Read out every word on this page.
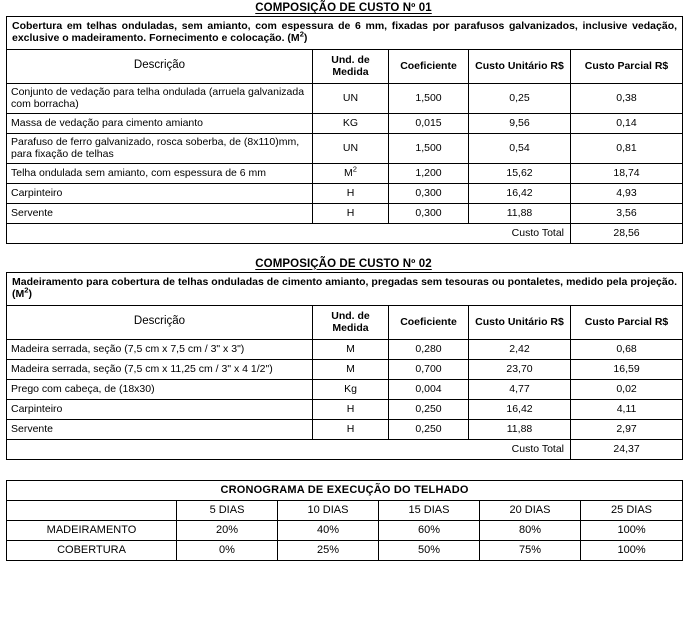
COMPOSIÇÃO DE CUSTO Nº 01
Cobertura em telhas onduladas, sem amianto, com espessura de 6 mm, fixadas por parafusos galvanizados, inclusive vedação, exclusive o madeiramento. Fornecimento e colocação. $(M^2)$				
Descrição	Und. de Medida	Coeficiente	Custo Unitário R$	Custo Parcial R$
Conjunto de vedação para telha ondulada (arruela galvanizada com borracha)	UN	1,500	0,25	0,38
Massa de vedação para cimento amianto	KG	0,015	9,56	0,14
Parafuso de ferro galvanizado, rosca soberba, de (8x110)mm, para fixação de telhas	UN	1,500	0,54	0,81
Telha ondulada sem amianto, com espessura de 6 mm	$M^2$	1,200	15,62	18,74
Carpinteiro	H	0,300	16,42	4,93
Servente	H	0,300	11,88	3,56
Custo Total				28,56
COMPOSIÇÃO DE CUSTO Nº 02
Madeiramento para cobertura de telhas onduladas de cimento amianto, pregadas sem tesouras ou pontaletes, medido pela projeção. $(M^2)$				
Descrição	Und. de Medida	Coeficiente	Custo Unitário R$	Custo Parcial R$
Madeira serrada, seção (7,5 cm x 7,5 cm / 3" x 3")	M	0,280	2,42	0,68
Madeira serrada, seção (7,5 cm x 11,25 cm / 3" x 4 1/2")	M	0,700	23,70	16,59
Prego com cabeça, de (18x30)	Kg	0,004	4,77	0,02
Carpinteiro	H	0,250	16,42	4,11
Servente	H	0,250	11,88	2,97
Custo Total				24,37
CRONOGRAMA DE EXECUÇÃO DO TELHADO					
	5 DIAS	10 DIAS	15 DIAS	20 DIAS	25 DIAS
MADEIRAMENTO	20%	40%	60%	80%	100%
COBERTURA	0%	25%	50%	75%	100%
